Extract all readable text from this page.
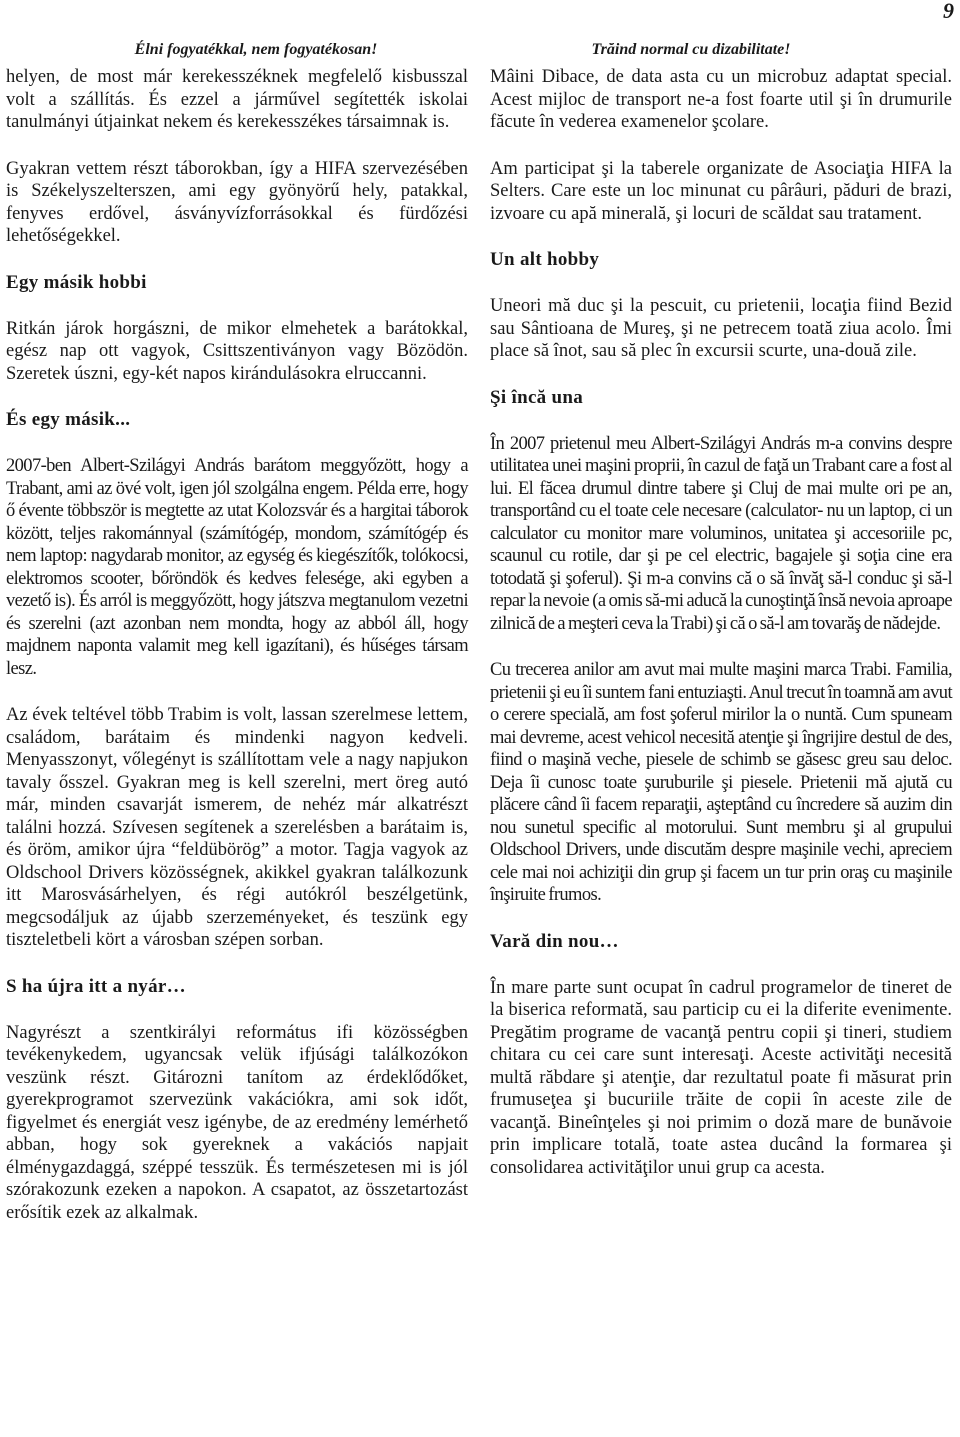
9
Élni fogyatékkal, nem fogyatékosan!

helyen, de most már kerekesszéknek megfelelő kisbusszal volt a szállítás. És ezzel a járművel segítették iskolai tanulmányi útjainkat nekem és kerekesszékes társaimnak is.

Gyakran vettem részt táborokban, így a HIFA szervezésében is Székelyszelterszen, ami egy gyönyörű hely, patakkal, fenyves erdővel, ásványvízforrásokkal és fürdőzési lehetőségekkel.

Egy másik hobbi

Ritkán járok horgászni, de mikor elmehetek a barátokkal, egész nap ott vagyok, Csittszentiványon vagy Bözödön. Szeretek úszni, egy-két napos kirándulásokra elruccanni.

És egy másik...

2007-ben Albert-Szilágyi András barátom meggyőzött, hogy a Trabant, ami az övé volt, igen jól szolgálna engem. Példa erre, hogy ő évente többször is megtette az utat Kolozsvár és a hargitai táborok között, teljes rakománnyal (számítógép, mondom, számítógép és nem laptop: nagydarab monitor, az egység és kiegészítők, tolókocsi, elektromos scooter, bőröndök és kedves felesége, aki egyben a vezető is). És arról is meggyőzött, hogy játszva megtanulom vezetni és szerelni (azt azonban nem mondta, hogy az abból áll, hogy majdnem naponta valamit meg kell igazítani), és hűséges társam lesz.

Az évek teltével több Trabim is volt, lassan szerelmese lettem, családom, barátaim és mindenki nagyon kedveli. Menyasszonyt, vőlegényt is szállítottam vele a nagy napjukon tavaly ősszel. Gyakran meg is kell szerelni, mert öreg autó már, minden csavarját ismerem, de nehéz már alkatrészt találni hozzá. Szívesen segítenek a szerelésben a barátaim is, és öröm, amikor újra “feldübörög” a motor. Tagja vagyok az Oldschool Drivers közösségnek, akikkel gyakran találkozunk itt Marosvásárhelyen, és régi autókról beszélgetünk, megcsodáljuk az újabb szerzeményeket, és teszünk egy tiszteletbeli kört a városban szépen sorban.

S ha újra itt a nyár…

Nagyrészt a szentkirályi református ifi közösségben tevékenykedem, ugyancsak velük ifjúsági találkozókon veszünk részt. Gitározni tanítom az érdeklődőket, gyerekprogramot szervezünk vakációkra, ami sok időt, figyelmet és energiát vesz igénybe, de az eredmény lemérhető abban, hogy sok gyereknek a vakációs napjait élménygazdaggá, széppé tesszük. És természetesen mi is jól szórakozunk ezeken a napokon. A csapatot, az összetartozást erősítik ezek az alkalmak.

Trăind normal cu dizabilitate!

Mâini Dibace, de data asta cu un microbuz adaptat special. Acest mijloc de transport ne-a fost foarte util şi în drumurile făcute în vederea examenelor şcolare.

Am participat şi la taberele organizate de Asociaţia HIFA la Selters. Care este un loc minunat cu pârâuri, păduri de brazi, izvoare cu apă minerală, şi locuri de scăldat sau tratament.

Un alt hobby

Uneori mă duc şi la pescuit, cu prietenii, locaţia fiind Bezid sau Sântioana de Mureş, şi ne petrecem toată ziua acolo. Îmi place să înot, sau să plec în excursii scurte, una-două zile.

Şi încă una

În 2007 prietenul meu Albert-Szilágyi András m-a convins despre utilitatea unei maşini proprii, în cazul de faţă un Trabant care a fost al lui. El făcea drumul dintre tabere şi Cluj de mai multe ori pe an, transportând cu el toate cele necesare (calculator- nu un laptop, ci un calculator cu monitor mare voluminos, unitatea şi accesoriile pc, scaunul cu rotile, dar şi pe cel electric, bagajele şi soţia cine era totodată şi şoferul). Şi m-a convins că o să învăţ să-l conduc şi să-l repar la nevoie (a omis să-mi aducă la cunoştinţă însă nevoia aproape zilnică de a meşteri ceva la Trabi) şi că o să-l am tovarăş de nădejde.

Cu trecerea anilor am avut mai multe maşini marca Trabi. Familia, prietenii şi eu îi suntem fani entuziaşti. Anul trecut în toamnă am avut o cerere specială, am fost şoferul mirilor la o nuntă. Cum spuneam mai devreme, acest vehicol necesită atenţie şi îngrijire destul de des, fiind o maşină veche, piesele de schimb se găsesc greu sau deloc. Deja îi cunosc toate şuruburile şi piesele. Prietenii mă ajută cu plăcere când îi facem reparaţii, aşteptând cu încredere să auzim din nou sunetul specific al motorului. Sunt membru şi al grupului Oldschool Drivers, unde discutăm despre maşinile vechi, apreciem cele mai noi achiziţii din grup şi facem un tur prin oraş cu maşinile înşiruite frumos.

Vară din nou…

În mare parte sunt ocupat în cadrul programelor de tineret de la biserica reformată, sau particip cu ei la diferite evenimente. Pregătim programe de vacanţă pentru copii şi tineri, studiem chitara cu cei care sunt interesaţi. Aceste activităţi necesită multă răbdare şi atenţie, dar rezultatul poate fi măsurat prin frumuseţea şi bucuriile trăite de copii în aceste zile de vacanţă. Bineînţeles şi noi primim o doză mare de bunăvoie prin implicare totală, toate astea ducând la formarea şi consolidarea activităţilor unui grup ca acesta.
